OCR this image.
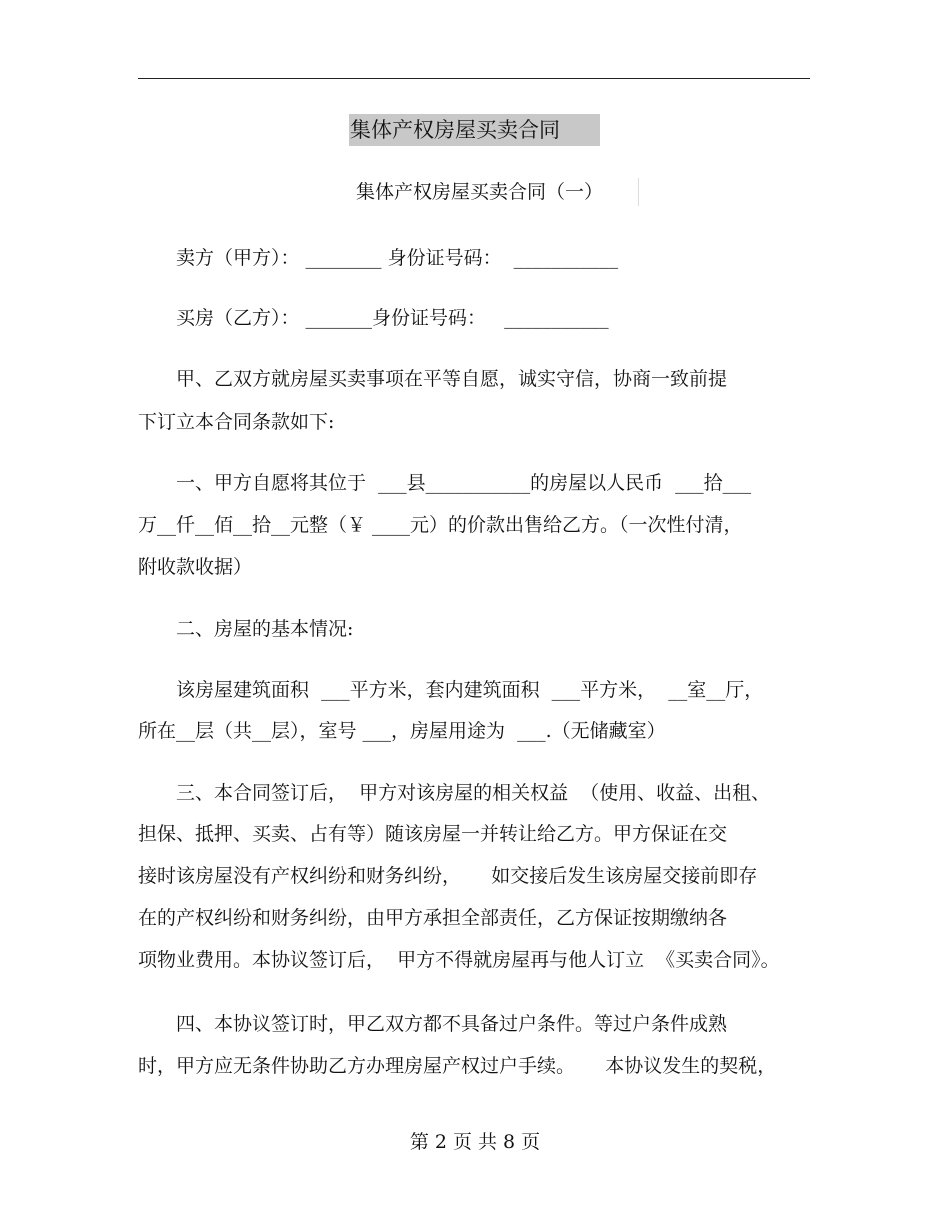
集体产权房屋买卖合同
集体产权房屋买卖合同（一）
　　卖方（甲方）： ________ 身份证号码：  ___________
　　买房（乙方）： _______身份证号码：   ___________
　　甲、乙双方就房屋买卖事项在平等自愿，诚实守信，协商一致前提
下订立本合同条款如下:
　　一、甲方自愿将其位于  ___县___________的房屋以人民币  ___拾___
万__仟__佰__拾__元整（￥ ____元）的价款出售给乙方。（一次性付清，
附收款收据）
　　二、房屋的基本情况:
　　该房屋建筑面积  ___平方米，套内建筑面积  ___平方米，  __室__厅，
所在__层（共__层），室号 ___，房屋用途为  ___.（无储藏室）
　　三、本合同签订后，  甲方对该房屋的相关权益  （使用、收益、出租、
担保、抵押、买卖、占有等）随该房屋一并转让给乙方。甲方保证在交
接时该房屋没有产权纠纷和财务纠纷，     如交接后发生该房屋交接前即存
在的产权纠纷和财务纠纷，由甲方承担全部责任，乙方保证按期缴纳各
项物业费用。本协议签订后，  甲方不得就房屋再与他人订立  《买卖合同》。
　　四、本协议签订时，甲乙双方都不具备过户条件。等过户条件成熟
时，甲方应无条件协助乙方办理房屋产权过户手续。     本协议发生的契税，
第 2 页 共 8 页
